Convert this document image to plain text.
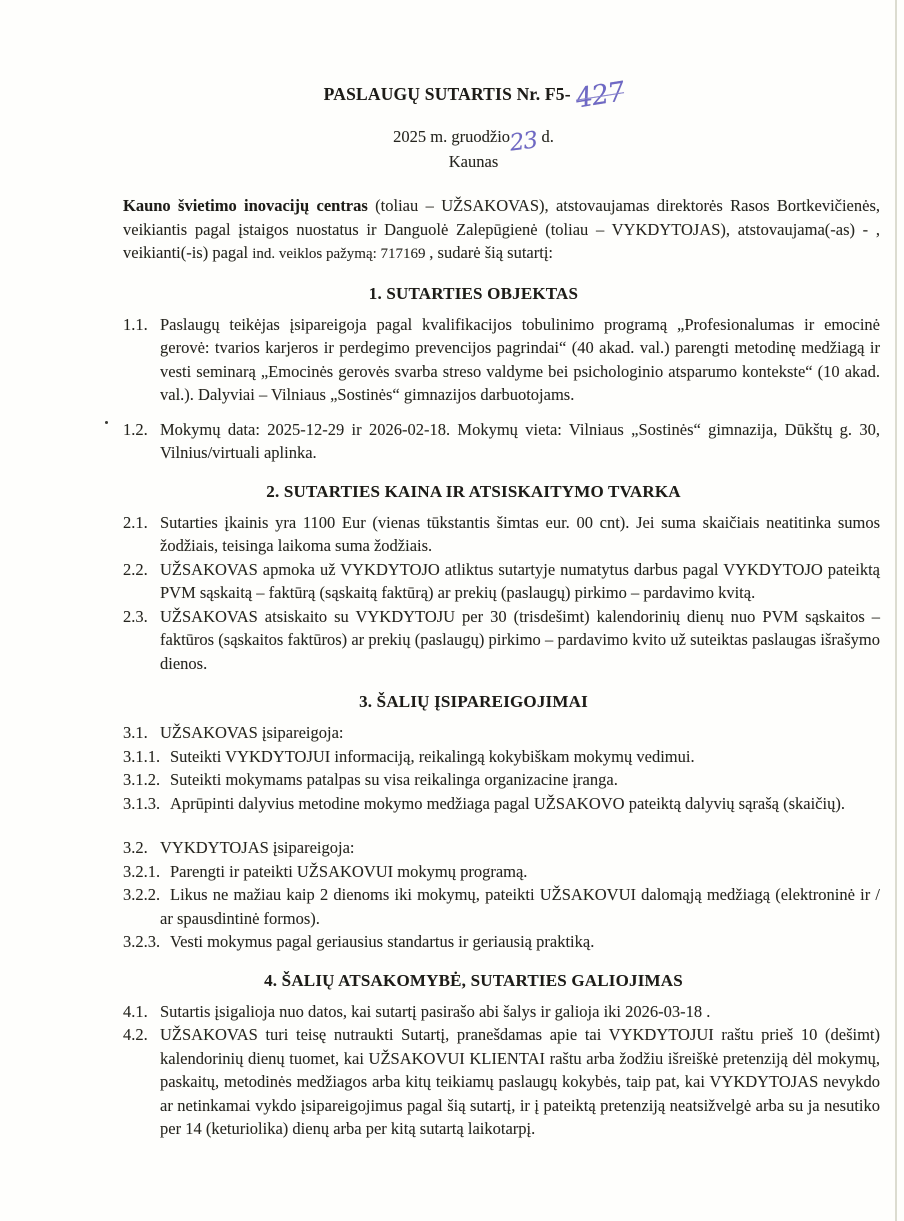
PASLAUGŲ SUTARTIS Nr. F5-427
2025 m. gruodžio23 d.
Kaunas

Kauno švietimo inovacijų centras (toliau – UŽSAKOVAS), atstovaujamas direktorės Rasos Bortkevičienės, veikiantis pagal įstaigos nuostatus ir Danguolė Zalepūgienė (toliau – VYKDYTOJAS), atstovaujama(-as) - , veikianti(-is) pagal ind. veiklos pažymą: 717169 , sudarė šią sutartį:

1. SUTARTIES OBJEKTAS
1.1. Paslaugų teikėjas įsipareigoja pagal kvalifikacijos tobulinimo programą „Profesionalumas ir emocinė gerovė: tvarios karjeros ir perdegimo prevencijos pagrindai“ (40 akad. val.) parengti metodinę medžiagą ir vesti seminarą „Emocinės gerovės svarba streso valdyme bei psichologinio atsparumo kontekste“ (10 akad. val.). Dalyviai – Vilniaus „Sostinės“ gimnazijos darbuotojams.
1.2. Mokymų data: 2025-12-29 ir 2026-02-18. Mokymų vieta: Vilniaus „Sostinės“ gimnazija, Dūkštų g. 30, Vilnius/virtuali aplinka.
2. SUTARTIES KAINA IR ATSISKAITYMO TVARKA
2.1. Sutarties įkainis yra 1100 Eur (vienas tūkstantis šimtas eur. 00 cnt). Jei suma skaičiais neatitinka sumos žodžiais, teisinga laikoma suma žodžiais.
2.2. UŽSAKOVAS apmoka už VYKDYTOJO atliktus sutartyje numatytus darbus pagal VYKDYTOJO pateiktą PVM sąskaitą – faktūrą (sąskaitą faktūrą) ar prekių (paslaugų) pirkimo – pardavimo kvitą.
2.3. UŽSAKOVAS atsiskaito su VYKDYTOJU per 30 (trisdešimt) kalendorinių dienų nuo PVM sąskaitos – faktūros (sąskaitos faktūros) ar prekių (paslaugų) pirkimo – pardavimo kvito už suteiktas paslaugas išrašymo dienos.
3. ŠALIŲ ĮSIPAREIGOJIMAI
3.1. UŽSAKOVAS įsipareigoja:
3.1.1. Suteikti VYKDYTOJUI informaciją, reikalingą kokybiškam mokymų vedimui.
3.1.2. Suteikti mokymams patalpas su visa reikalinga organizacine įranga.
3.1.3. Aprūpinti dalyvius metodine mokymo medžiaga pagal UŽSAKOVO pateiktą dalyvių sąrašą (skaičių).
3.2. VYKDYTOJAS įsipareigoja:
3.2.1. Parengti ir pateikti UŽSAKOVUI mokymų programą.
3.2.2. Likus ne mažiau kaip 2 dienoms iki mokymų, pateikti UŽSAKOVUI dalomąją medžiagą (elektroninė ir / ar spausdintinė formos).
3.2.3. Vesti mokymus pagal geriausius standartus ir geriausią praktiką.
4. ŠALIŲ ATSAKOMYBĖ, SUTARTIES GALIOJIMAS
4.1. Sutartis įsigalioja nuo datos, kai sutartį pasirašo abi šalys ir galioja iki 2026-03-18 .
4.2. UŽSAKOVAS turi teisę nutraukti Sutartį, pranešdamas apie tai VYKDYTOJUI raštu prieš 10 (dešimt) kalendorinių dienų tuomet, kai UŽSAKOVUI KLIENTAI raštu arba žodžiu išreiškė pretenziją dėl mokymų, paskaitų, metodinės medžiagos arba kitų teikiamų paslaugų kokybės, taip pat, kai VYKDYTOJAS nevykdo ar netinkamai vykdo įsipareigojimus pagal šią sutartį, ir į pateiktą pretenziją neatsižvelgė arba su ja nesutiko per 14 (keturiolika) dienų arba per kitą sutartą laikotarpį.
